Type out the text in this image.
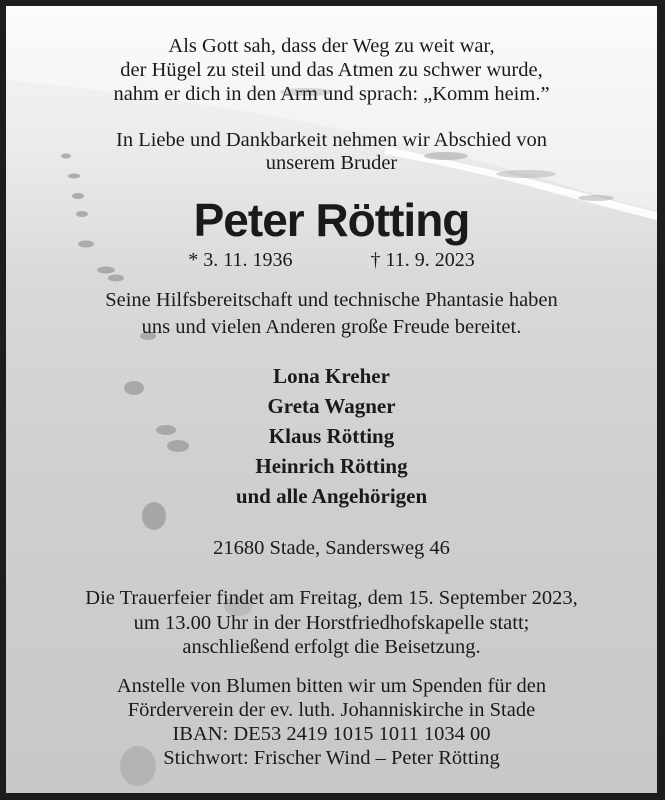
Als Gott sah, dass der Weg zu weit war,
der Hügel zu steil und das Atmen zu schwer wurde,
nahm er dich in den Arm und sprach: „Komm heim.”
In Liebe und Dankbarkeit nehmen wir Abschied von
unserem Bruder
Peter Rötting
* 3. 11. 1936	† 11. 9. 2023
Seine Hilfsbereitschaft und technische Phantasie haben
uns und vielen Anderen große Freude bereitet.
Lona Kreher
Greta Wagner
Klaus Rötting
Heinrich Rötting
und alle Angehörigen
21680 Stade, Sandersweg 46
Die Trauerfeier findet am Freitag, dem 15. September 2023,
um 13.00 Uhr in der Horstfriedhofskapelle statt;
anschließend erfolgt die Beisetzung.
Anstelle von Blumen bitten wir um Spenden für den
Förderverein der ev. luth. Johanniskirche in Stade
IBAN: DE53 2419 1015 1011 1034 00
Stichwort: Frischer Wind – Peter Rötting
